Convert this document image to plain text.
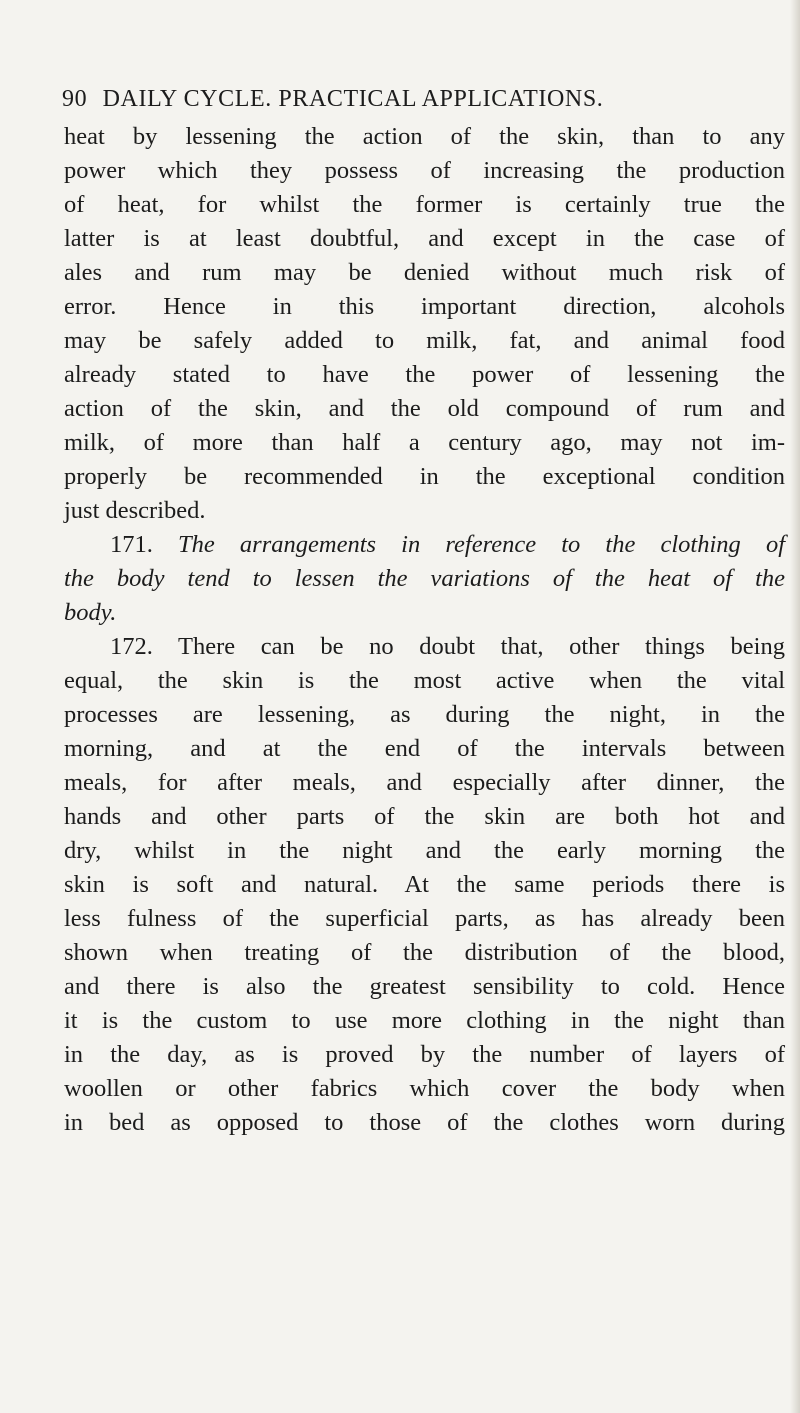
90 DAILY CYCLE. PRACTICAL APPLICATIONS.
heat by lessening the action of the skin, than to any
power which they possess of increasing the production
of heat, for whilst the former is certainly true the
latter is at least doubtful, and except in the case of
ales and rum may be denied without much risk of
error. Hence in this important direction, alcohols
may be safely added to milk, fat, and animal food
already stated to have the power of lessening the
action of the skin, and the old compound of rum and
milk, of more than half a century ago, may not im-
properly be recommended in the exceptional condition
just described.
171. The arrangements in reference to the clothing of
the body tend to lessen the variations of the heat of the
body.
172. There can be no doubt that, other things being
equal, the skin is the most active when the vital
processes are lessening, as during the night, in the
morning, and at the end of the intervals between
meals, for after meals, and especially after dinner, the
hands and other parts of the skin are both hot and
dry, whilst in the night and the early morning the
skin is soft and natural. At the same periods there is
less fulness of the superficial parts, as has already been
shown when treating of the distribution of the blood,
and there is also the greatest sensibility to cold. Hence
it is the custom to use more clothing in the night than
in the day, as is proved by the number of layers of
woollen or other fabrics which cover the body when
in bed as opposed to those of the clothes worn during
